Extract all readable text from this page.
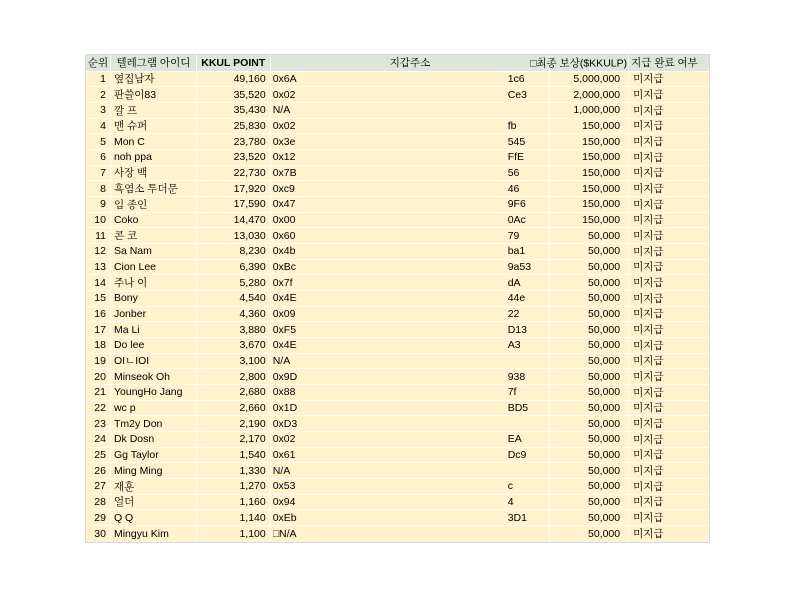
순위 텔레그램 아이디	KKUL POINT	지갑주소	□최종 보상($KKULP) 지급 완료 여부
1 옆집남자	49,160 0x6A	1c6	5,000,000	미지급
2 판쓸이83	35,520 0x02	Ce3	2,000,000	미지급
3 깔 프	35,430 N/A	1,000,000	미지급
4 맨 슈퍼	25,830 0x02	fb	150,000	미지급
5 Mon C	23,780 0x3e	545	150,000	미지급
6 noh ppa	23,520 0x12	FfE	150,000	미지급
7 사장 백	22,730 0x7B	56	150,000	미지급
8 흑염소 투더문	17,920 0xc9	46	150,000	미지급
9 임 종인	17,590 0x47	9F6	150,000	미지급
10 Coko	14,470 0x00	0Ac	150,000	미지급
11 콘 코	13,030 0x60	79	50,000	미지급
12 Sa Nam	8,230 0x4b	ba1	50,000	미지급
13 Cion Lee	6,390 0xBc	9a53	50,000	미지급
14 주나 이	5,280 0x7f	dA	50,000	미지급
15 Bony	4,540 0x4E	44e	50,000	미지급
16 Jonber	4,360 0x09	22	50,000	미지급
17 Ma Li	3,880 0xF5	D13	50,000	미지급
18 Do lee	3,670 0x4E	A3	50,000	미지급
19 OIㄴIOI	3,100 N/A	50,000	미지급
20 Minseok Oh	2,800 0x9D	938	50,000	미지급
21 YoungHo Jang	2,680 0x88	7f	50,000	미지급
22 wc p	2,660 0x1D	BD5	50,000	미지급
23 Tm2y Don	2,190 0xD3	50,000	미지급
24 Dk Dosn	2,170 0x02	EA	50,000	미지급
25 Gg Taylor	1,540 0x61	Dc9	50,000	미지급
26 Ming Ming	1,330 N/A	50,000	미지급
27 재훈	1,270 0x53	c	50,000	미지급
28 얼더	1,160 0x94	4	50,000	미지급
29 Q Q	1,140 0xEb	3D1	50,000	미지급
30 Mingyu Kim	1,100 □N/A	50,000	미지급
